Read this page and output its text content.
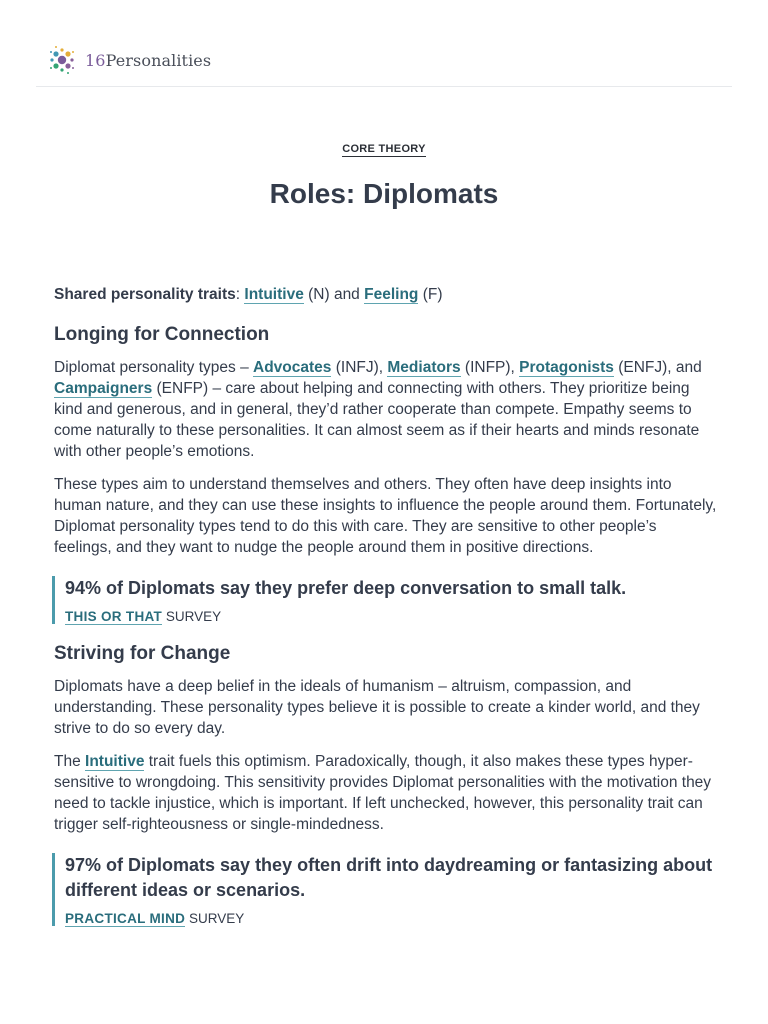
16Personalities
CORE THEORY
Roles: Diplomats

Shared personality traits: Intuitive (N) and Feeling (F)

Longing for Connection

Diplomat personality types – Advocates (INFJ), Mediators (INFP), Protagonists (ENFJ), and Campaigners (ENFP) – care about helping and connecting with others. They prioritize being kind and generous, and in general, they’d rather cooperate than compete. Empathy seems to come naturally to these personalities. It can almost seem as if their hearts and minds resonate with other people’s emotions.

These types aim to understand themselves and others. They often have deep insights into human nature, and they can use these insights to influence the people around them. Fortunately, Diplomat personality types tend to do this with care. They are sensitive to other people’s feelings, and they want to nudge the people around them in positive directions.

94% of Diplomats say they prefer deep conversation to small talk.

THIS OR THAT SURVEY
Striving for Change

Diplomats have a deep belief in the ideals of humanism – altruism, compassion, and understanding. These personality types believe it is possible to create a kinder world, and they strive to do so every day.

The Intuitive trait fuels this optimism. Paradoxically, though, it also makes these types hyper-sensitive to wrongdoing. This sensitivity provides Diplomat personalities with the motivation they need to tackle injustice, which is important. If left unchecked, however, this personality trait can trigger self-righteousness or single-mindedness.

97% of Diplomats say they often drift into daydreaming or fantasizing about different ideas or scenarios.

PRACTICAL MIND SURVEY
